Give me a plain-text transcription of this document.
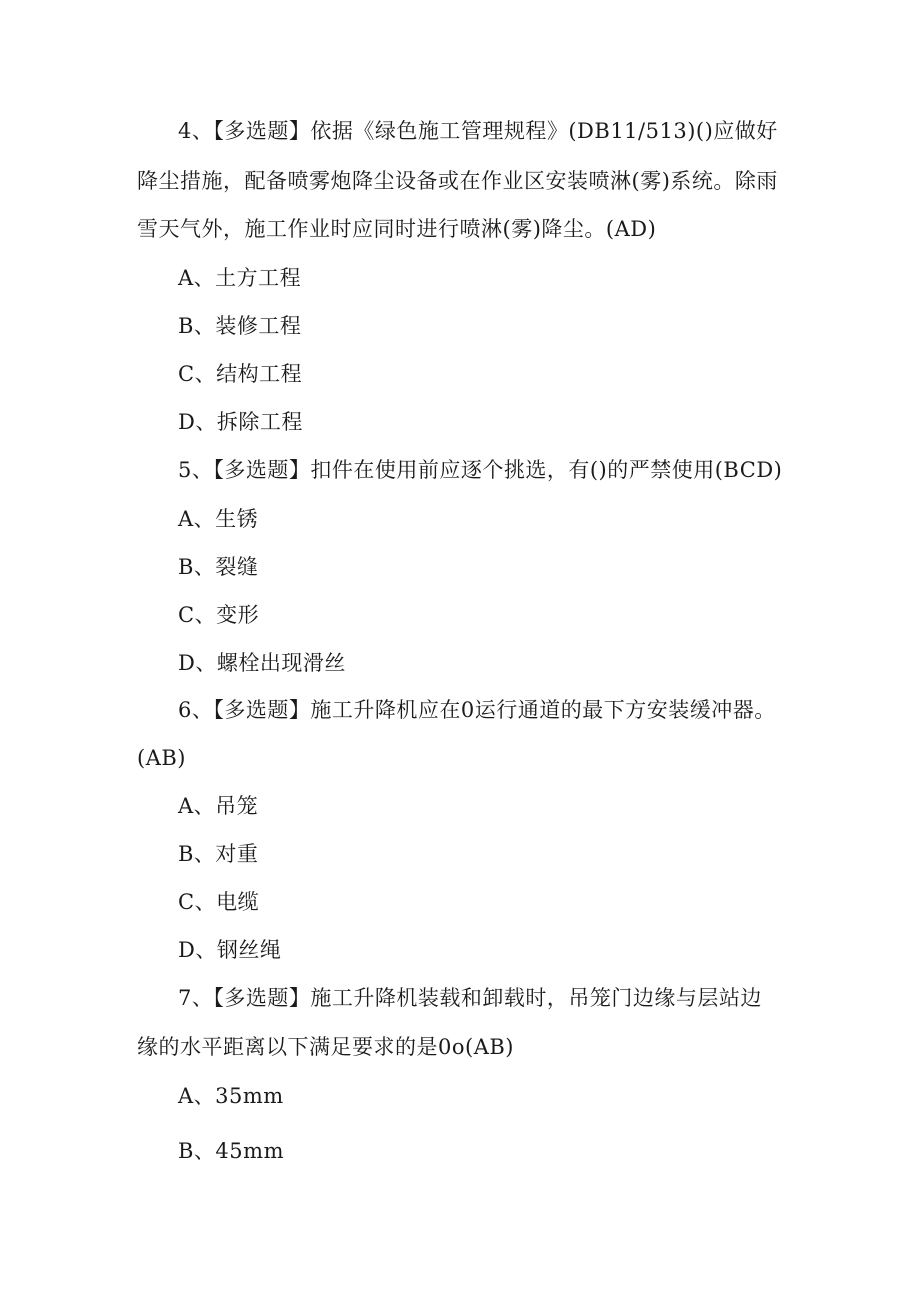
4、【多选题】依据《绿色施工管理规程》(DB11/513)()应做好
降尘措施，配备喷雾炮降尘设备或在作业区安装喷淋(雾)系统。除雨
雪天气外，施工作业时应同时进行喷淋(雾)降尘。(AD)
A、土方工程
B、装修工程
C、结构工程
D、拆除工程
5、【多选题】扣件在使用前应逐个挑选，有()的严禁使用(BCD)
A、生锈
B、裂缝
C、变形
D、螺栓出现滑丝
6、【多选题】施工升降机应在0运行通道的最下方安装缓冲器。
(AB)
A、吊笼
B、对重
C、电缆
D、钢丝绳
7、【多选题】施工升降机装载和卸载时，吊笼门边缘与层站边
缘的水平距离以下满足要求的是0o(AB)
A、35mm
B、45mm
